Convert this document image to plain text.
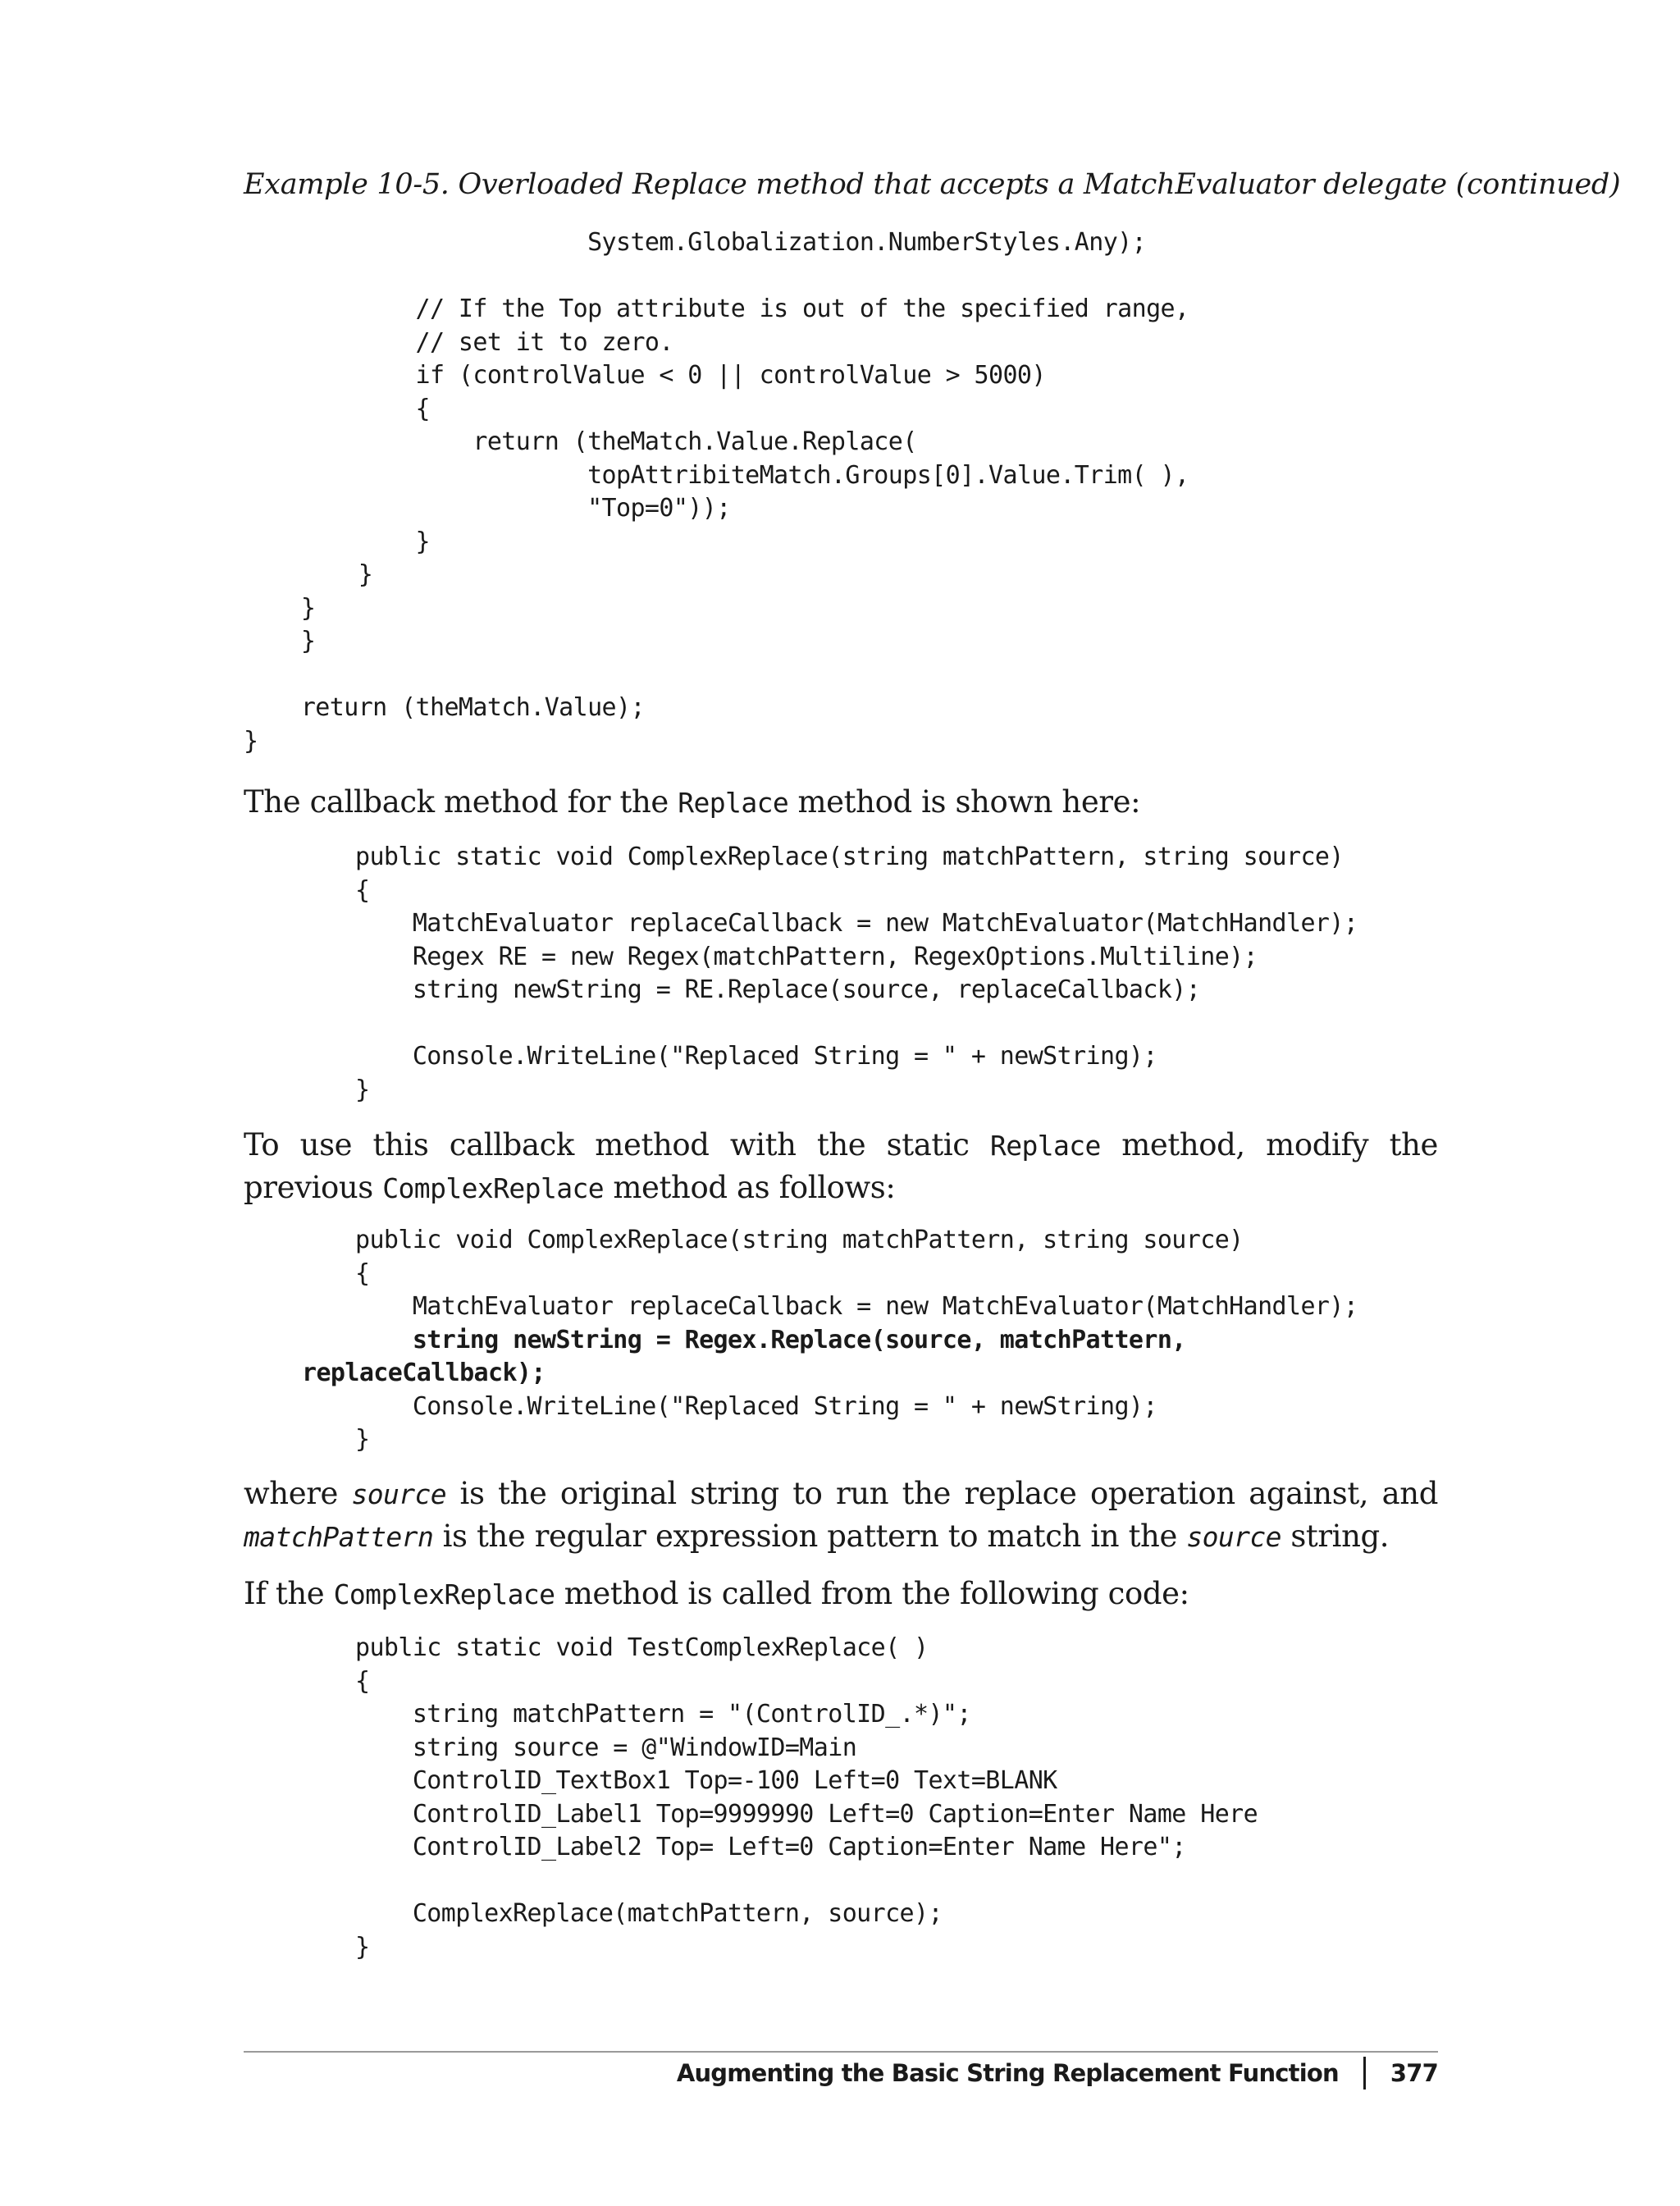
Example 10-5. Overloaded Replace method that accepts a MatchEvaluator delegate (continued)
System.Globalization.NumberStyles.Any);
// If the Top attribute is out of the specified range,
// set it to zero.
if (controlValue < 0 || controlValue > 5000)
{
return (theMatch.Value.Replace(
topAttribiteMatch.Groups[0].Value.Trim( ),
"Top=0"));
}
}
}
}
return (theMatch.Value);
}

The callback method for the Replace method is shown here:

public static void ComplexReplace(string matchPattern, string source)
{
MatchEvaluator replaceCallback = new MatchEvaluator(MatchHandler);
Regex RE = new Regex(matchPattern, RegexOptions.Multiline);
string newString = RE.Replace(source, replaceCallback);
Console.WriteLine("Replaced String = " + newString);
}

To use this callback method with the static Replace method, modify the previous ComplexReplace method as follows:

public void ComplexReplace(string matchPattern, string source)
{
MatchEvaluator replaceCallback = new MatchEvaluator(MatchHandler);
string newString = Regex.Replace(source, matchPattern,
replaceCallback);
Console.WriteLine("Replaced String = " + newString);
}

where source is the original string to run the replace operation against, and matchPattern is the regular expression pattern to match in the source string.

If the ComplexReplace method is called from the following code:

public static void TestComplexReplace( )
{
string matchPattern = "(ControlID_.*)";
string source = @"WindowID=Main
ControlID_TextBox1 Top=-100 Left=0 Text=BLANK
ControlID_Label1 Top=9999990 Left=0 Caption=Enter Name Here
ControlID_Label2 Top= Left=0 Caption=Enter Name Here";
ComplexReplace(matchPattern, source);
}
Augmenting the Basic String Replacement Function 377
